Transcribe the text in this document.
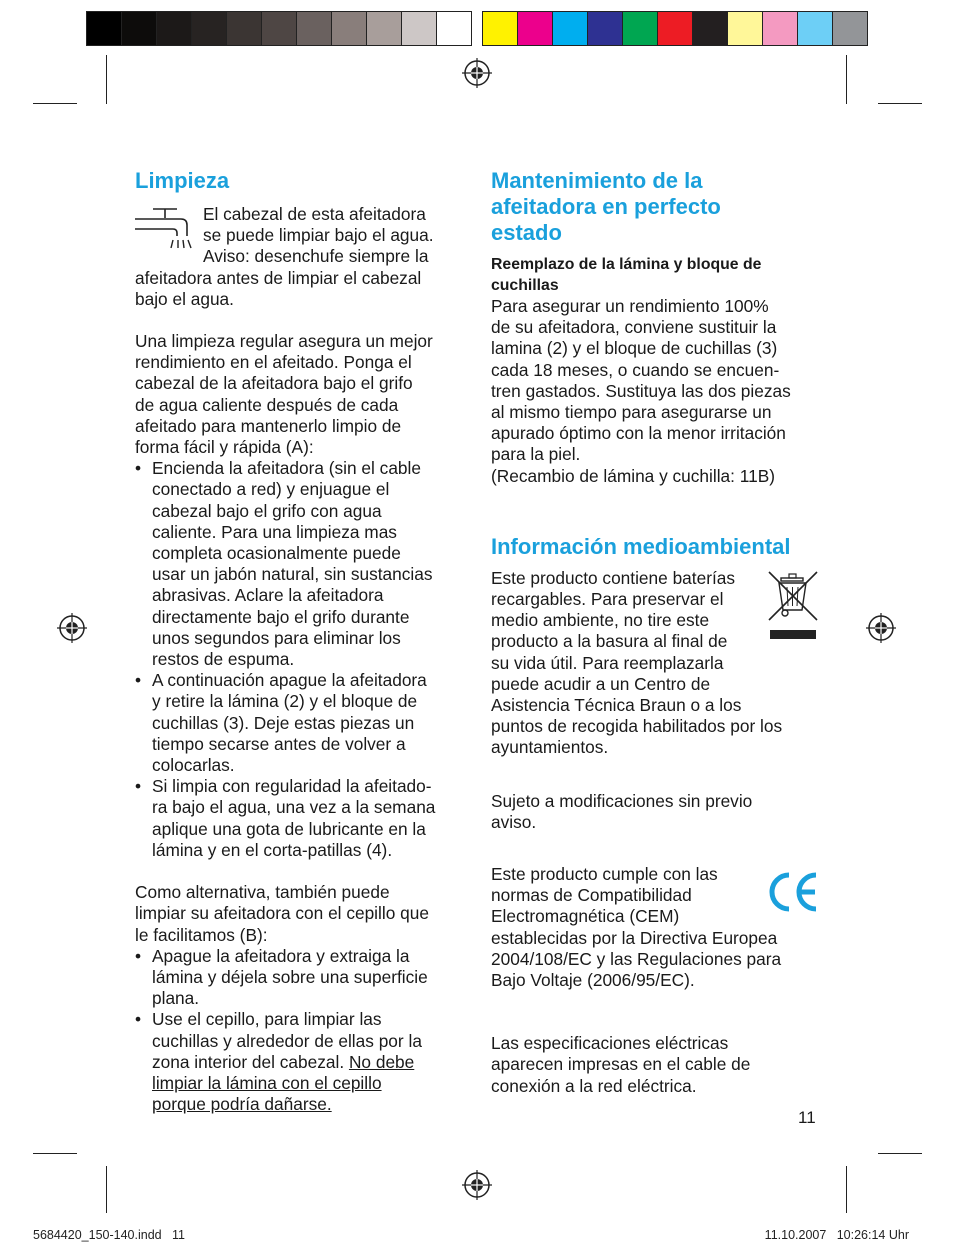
Limpieza

El cabezal de esta afeitadora

se puede limpiar bajo el agua.

Aviso: desenchufe siempre la

afeitadora antes de limpiar el cabezal

bajo el agua.

Una limpieza regular asegura un mejor

rendimiento en el afeitado. Ponga el

cabezal de la afeitadora bajo el grifo

de agua caliente después de cada

afeitado para mantenerlo limpio de

forma fácil y rápida (A):

• Encienda la afeitadora (sin el cable

conectado a red) y enjuague el

cabezal bajo el grifo con agua

caliente. Para una limpieza mas

completa ocasionalmente puede

usar un jabón natural, sin sustancias

abrasivas. Aclare la afeitadora

directamente bajo el grifo durante

unos segundos para eliminar los

restos de espuma.

• A continuación apague la afeitadora

y retire la lámina (2) y el bloque de

cuchillas (3). Deje estas piezas un

tiempo secarse antes de volver a

colocarlas.

• Si limpia con regularidad la afeitado-

ra bajo el agua, una vez a la semana

aplique una gota de lubricante en la

lámina y en el corta-patillas (4).

Como alternativa, también puede

limpiar su afeitadora con el cepillo que

le facilitamos (B):

• Apague la afeitadora y extraiga la

lámina y déjela sobre una superficie

plana.

• Use el cepillo, para limpiar las

cuchillas y alrededor de ellas por la

zona interior del cabezal. No debe

limpiar la lámina con el cepillo

porque podría dañarse.

Mantenimiento de la
afeitadora en perfecto
estado
Reemplazo de la lámina y bloque de
cuchillas

Para asegurar un rendimiento 100%

de su afeitadora, conviene sustituir la

lamina (2) y el bloque de cuchillas (3)

cada 18 meses, o cuando se encuen-

tren gastados. Sustituya las dos piezas

al mismo tiempo para asegurarse un

apurado óptimo con la menor irritación

para la piel.

(Recambio de lámina y cuchilla: 11B)

Información medioambiental

Este producto contiene baterías

recargables. Para preservar el

medio ambiente, no tire este

producto a la basura al final de

su vida útil. Para reemplazarla

puede acudir a un Centro de

Asistencia Técnica Braun o a los

puntos de recogida habilitados por los

ayuntamientos.

Sujeto a modificaciones sin previo

aviso.

Este producto cumple con las

normas de Compatibilidad

Electromagnética (CEM)

establecidas por la Directiva Europea

2004/108/EC y las Regulaciones para

Bajo Voltaje (2006/95/EC).

Las especificaciones eléctricas

aparecen impresas en el cable de

conexión a la red eléctrica.

11
5684420_150-140.indd   11	11.10.2007   10:26:14 Uhr
